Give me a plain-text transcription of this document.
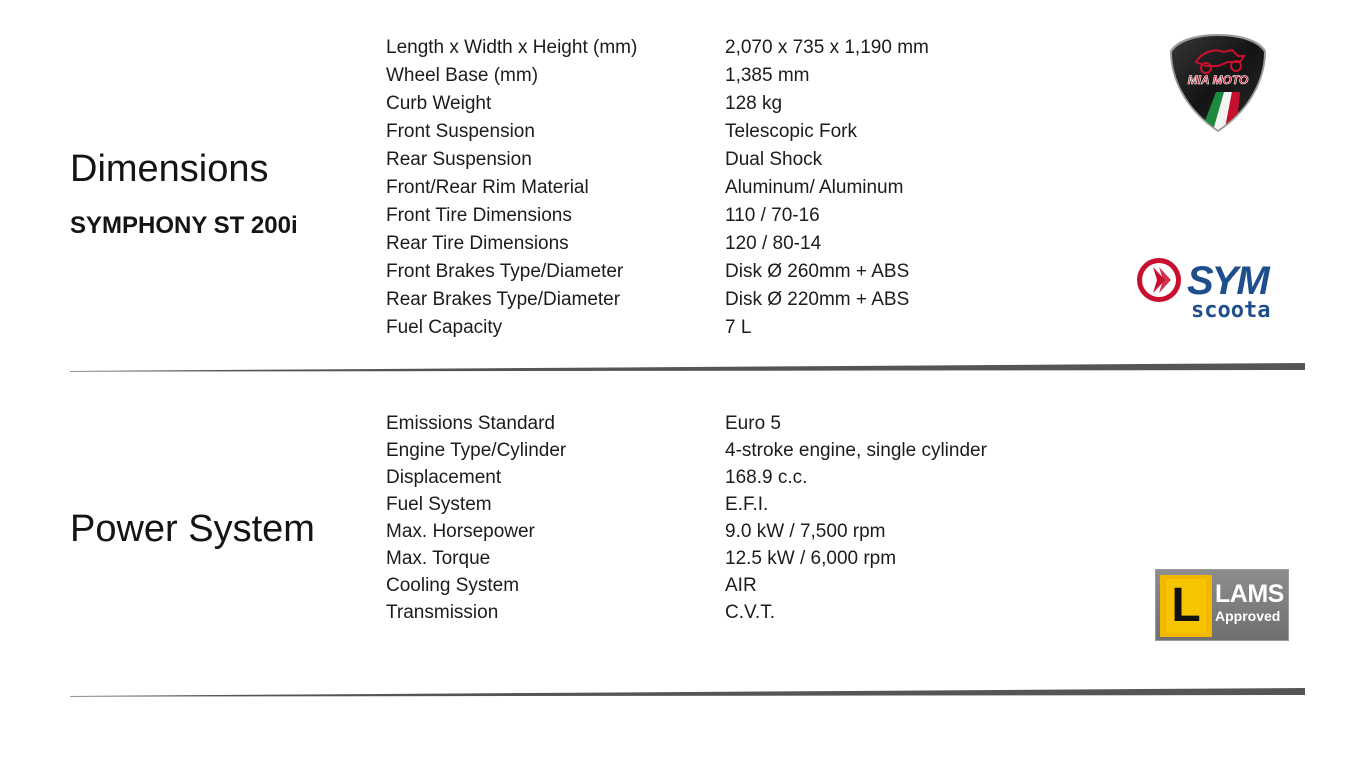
Dimensions
SYMPHONY ST 200i
Length x Width x Height (mm)	2,070 x 735 x 1,190 mm
Wheel Base (mm)	1,385 mm
Curb Weight	128 kg
Front Suspension	Telescopic Fork
Rear Suspension	Dual Shock
Front/Rear Rim Material	Aluminum/ Aluminum
Front Tire Dimensions	110 / 70-16
Rear Tire Dimensions	120 / 80-14
Front Brakes Type/Diameter	Disk Ø 260mm + ABS
Rear Brakes Type/Diameter	Disk Ø 220mm + ABS
Fuel Capacity	7 L
Power System
Emissions Standard	Euro 5
Engine Type/Cylinder	4-stroke engine, single cylinder
Displacement	168.9 c.c.
Fuel System	E.F.I.
Max. Horsepower	9.0 kW / 7,500 rpm
Max. Torque	12.5 kW / 6,000 rpm
Cooling System	AIR
Transmission	C.V.T.
MIA MOTO
SYM
scoota
L LAMS
Approved
